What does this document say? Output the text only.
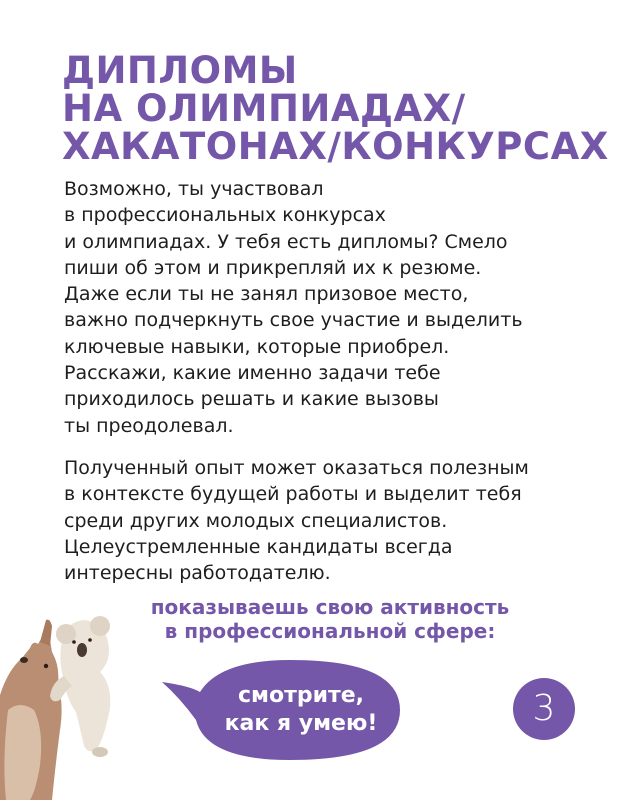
ДИПЛОМЫ
НА ОЛИМПИАДАХ/
ХАКАТОНАХ/КОНКУРСАХ

Возможно, ты участвовал
в профессиональных конкурсах
и олимпиадах. У тебя есть дипломы? Смело
пиши об этом и прикрепляй их к резюме.
Даже если ты не занял призовое место,
важно подчеркнуть свое участие и выделить
ключевые навыки, которые приобрел.
Расскажи, какие именно задачи тебе
приходилось решать и какие вызовы
ты преодолевал.

Полученный опыт может оказаться полезным
в контексте будущей работы и выделит тебя
среди других молодых специалистов.
Целеустремленные кандидаты всегда
интересны работодателю.

показываешь свою активность
в профессиональной сфере:

E
смотрите,
как я умею!	3
